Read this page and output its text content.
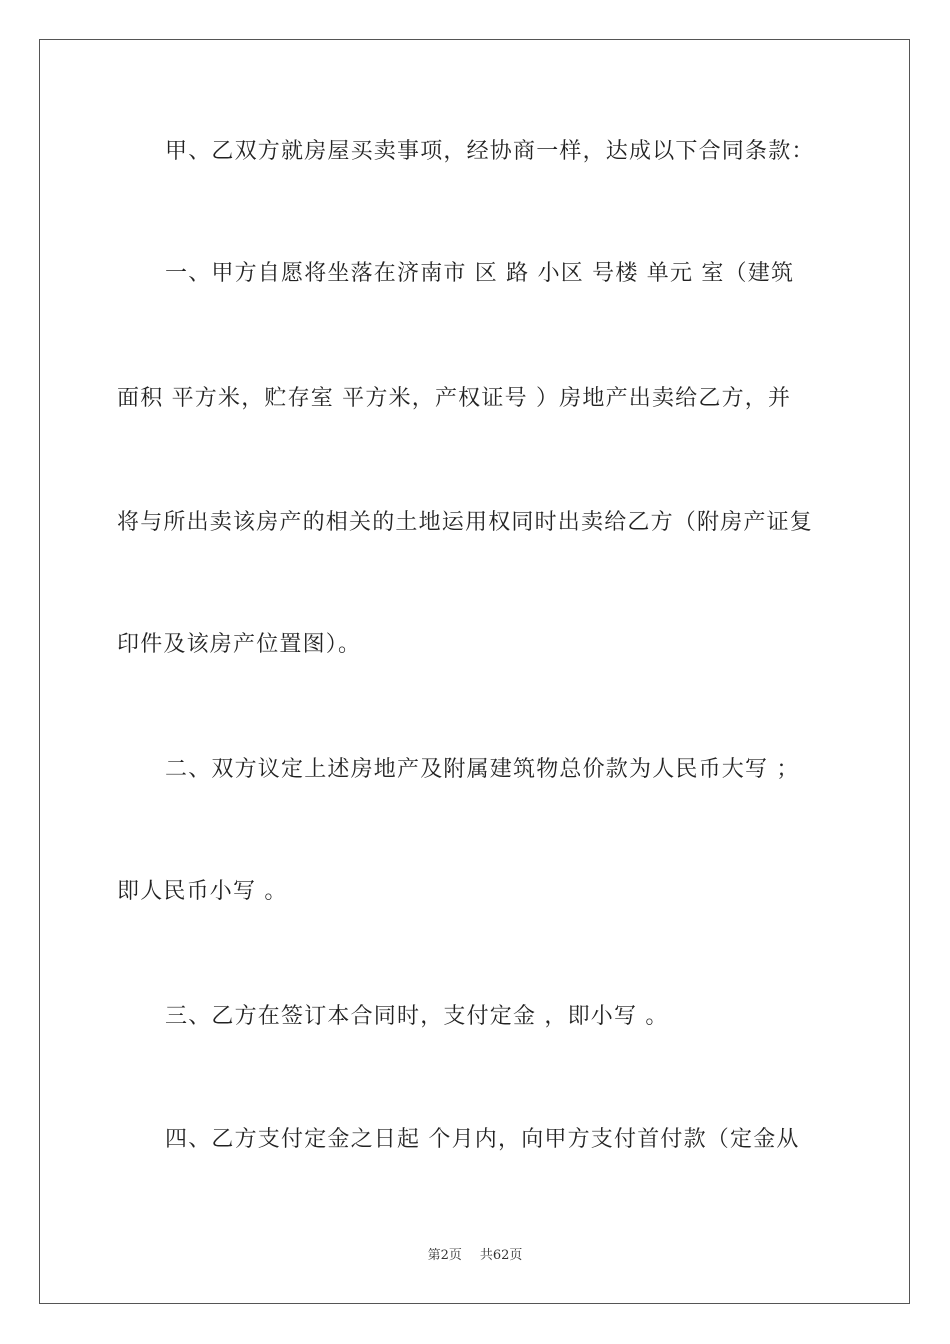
甲、乙双方就房屋买卖事项，经协商一样，达成以下合同条款：
一、甲方自愿将坐落在济南市 区 路 小区 号楼 单元 室（建筑
面积 平方米，贮存室 平方米，产权证号 ）房地产出卖给乙方，并
将与所出卖该房产的相关的土地运用权同时出卖给乙方（附房产证复
印件及该房产位置图）。
二、双方议定上述房地产及附属建筑物总价款为人民币大写 ；
即人民币小写 。
三、乙方在签订本合同时，支付定金 ，即小写 。
四、乙方支付定金之日起 个月内，向甲方支付首付款（定金从
第2页 共62页
